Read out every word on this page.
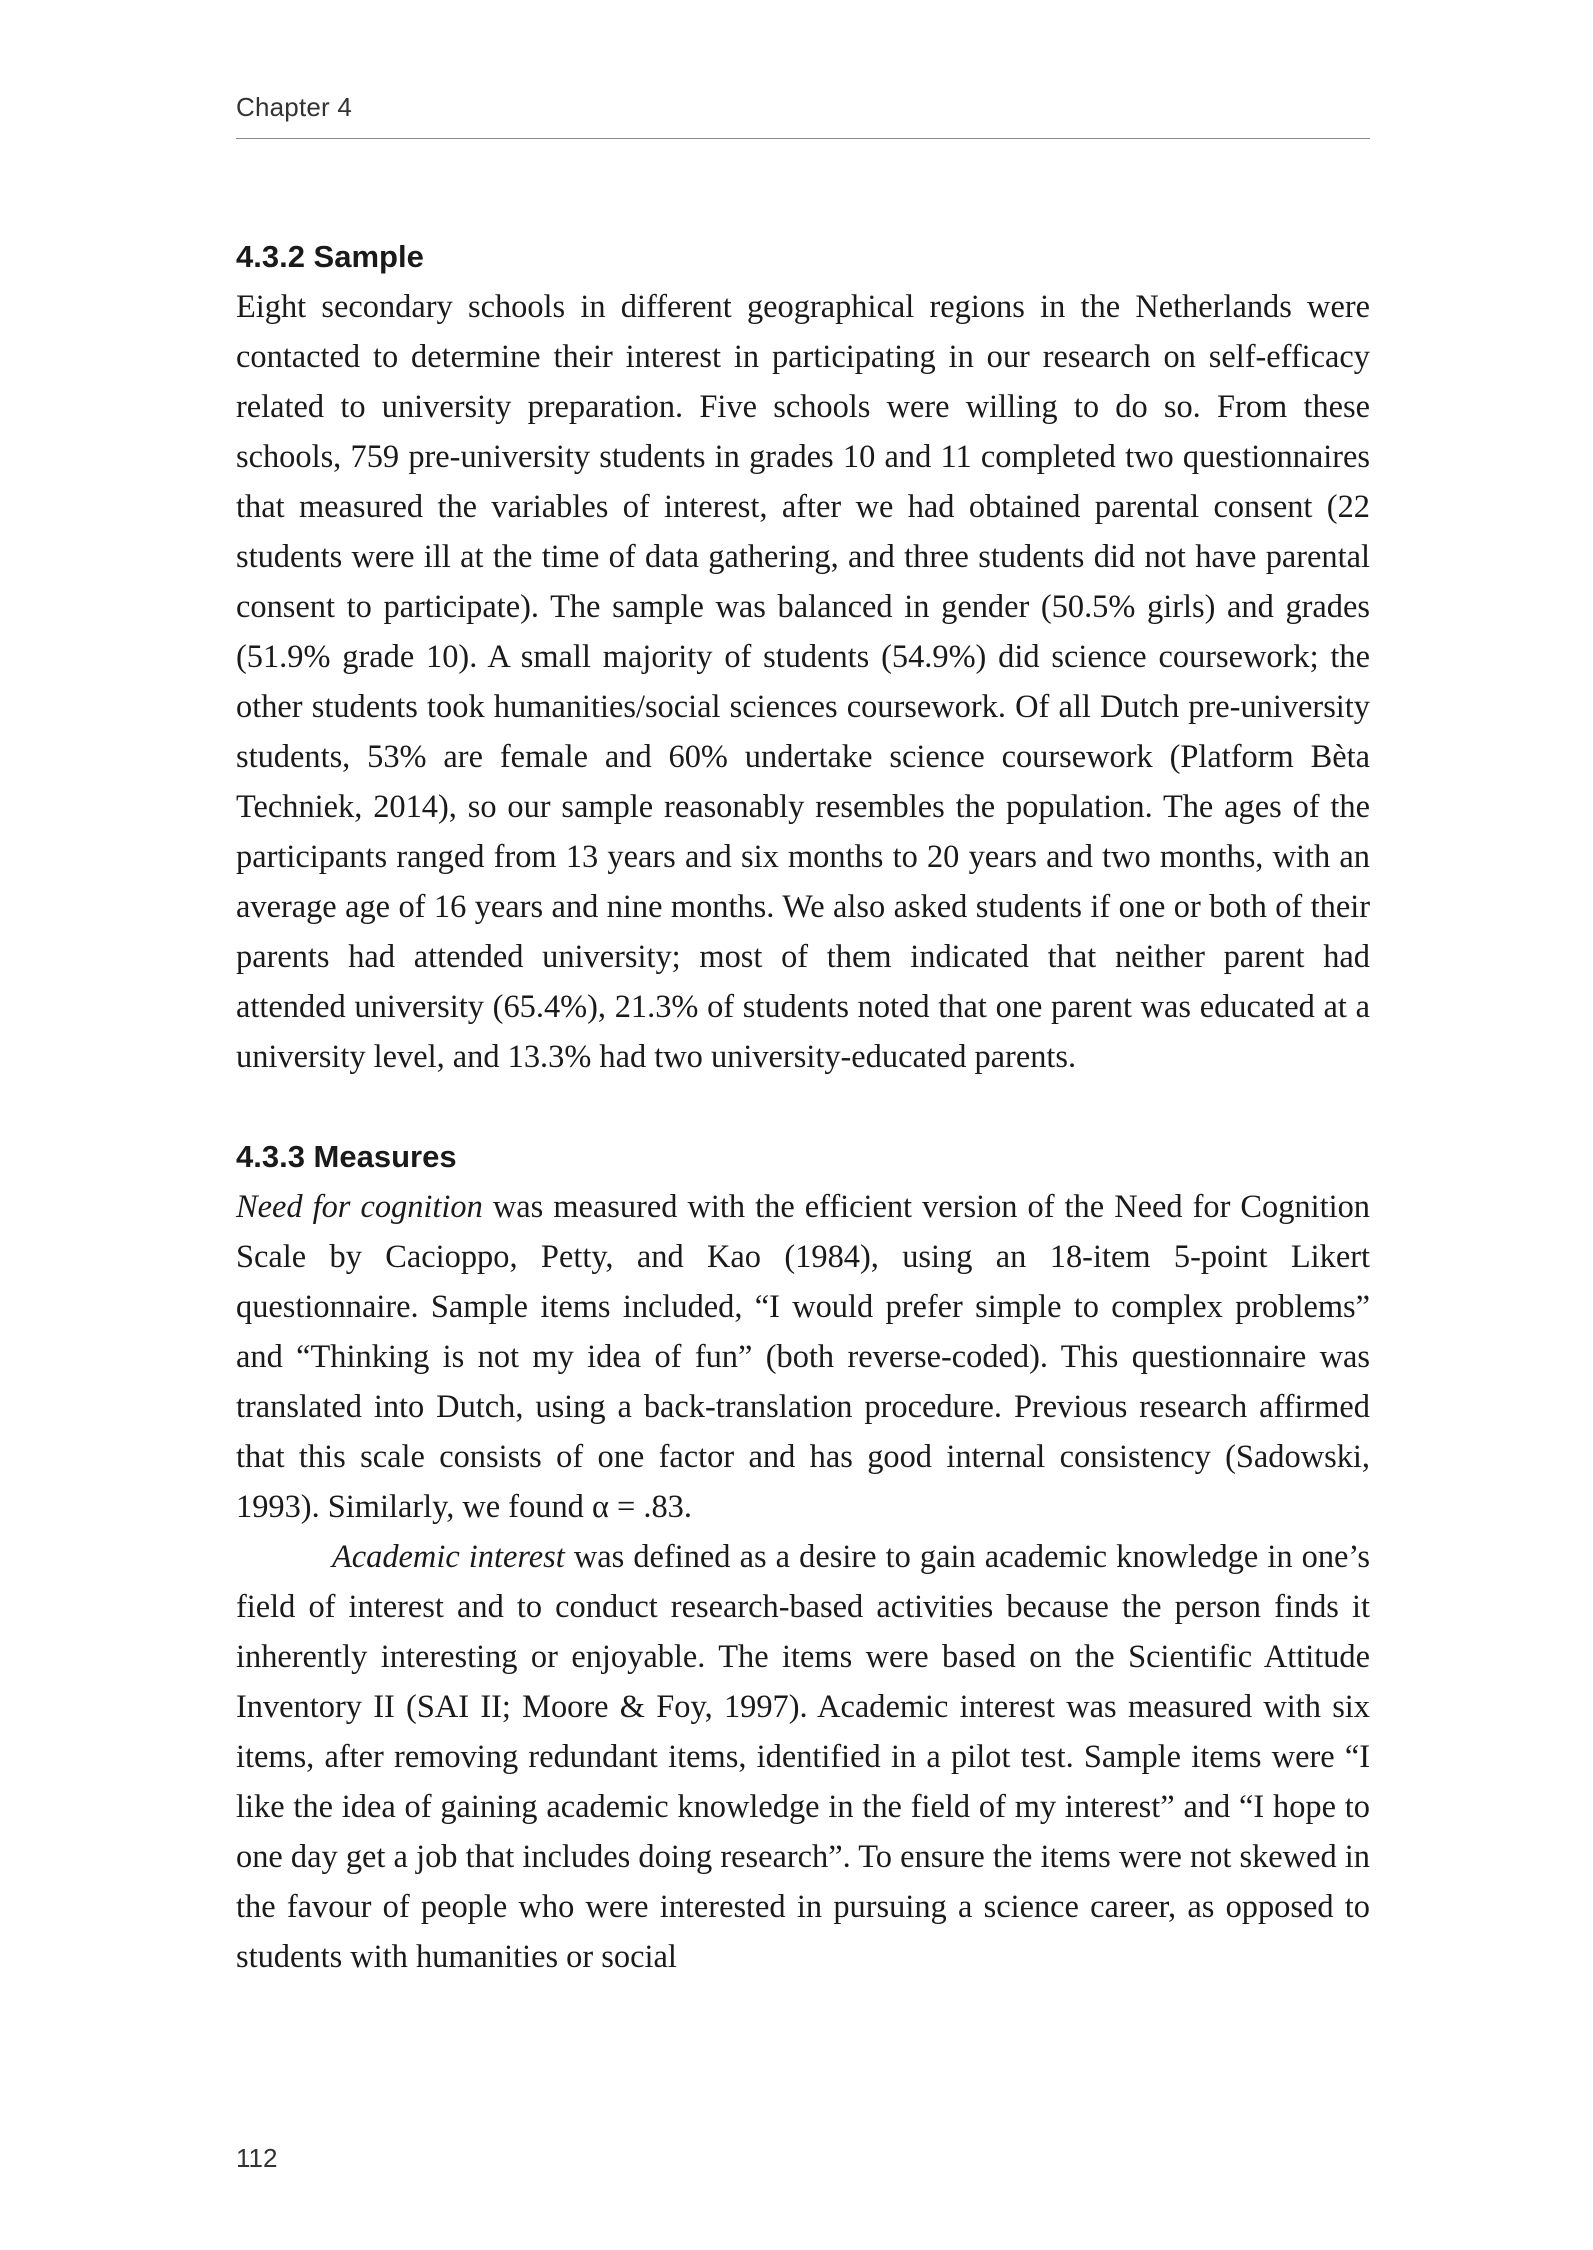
Chapter 4
4.3.2 Sample

Eight secondary schools in different geographical regions in the Netherlands were contacted to determine their interest in participating in our research on self-efficacy related to university preparation. Five schools were willing to do so. From these schools, 759 pre-university students in grades 10 and 11 completed two questionnaires that measured the variables of interest, after we had obtained parental consent (22 students were ill at the time of data gathering, and three students did not have parental consent to participate). The sample was balanced in gender (50.5% girls) and grades (51.9% grade 10). A small majority of students (54.9%) did science coursework; the other students took humanities/social sciences coursework. Of all Dutch pre-university students, 53% are female and 60% undertake science coursework (Platform Bèta Techniek, 2014), so our sample reasonably resembles the population. The ages of the participants ranged from 13 years and six months to 20 years and two months, with an average age of 16 years and nine months. We also asked students if one or both of their parents had attended university; most of them indicated that neither parent had attended university (65.4%), 21.3% of students noted that one parent was educated at a university level, and 13.3% had two university-educated parents.

4.3.3 Measures

Need for cognition was measured with the efficient version of the Need for Cognition Scale by Cacioppo, Petty, and Kao (1984), using an 18-item 5-point Likert questionnaire. Sample items included, “I would prefer simple to complex problems” and “Thinking is not my idea of fun” (both reverse-coded). This questionnaire was translated into Dutch, using a back-translation procedure. Previous research affirmed that this scale consists of one factor and has good internal consistency (Sadowski, 1993). Similarly, we found α = .83.

Academic interest was defined as a desire to gain academic knowledge in one’s field of interest and to conduct research-based activities because the person finds it inherently interesting or enjoyable. The items were based on the Scientific Attitude Inventory II (SAI II; Moore & Foy, 1997). Academic interest was measured with six items, after removing redundant items, identified in a pilot test. Sample items were “I like the idea of gaining academic knowledge in the field of my interest” and “I hope to one day get a job that includes doing research”. To ensure the items were not skewed in the favour of people who were interested in pursuing a science career, as opposed to students with humanities or social

112
